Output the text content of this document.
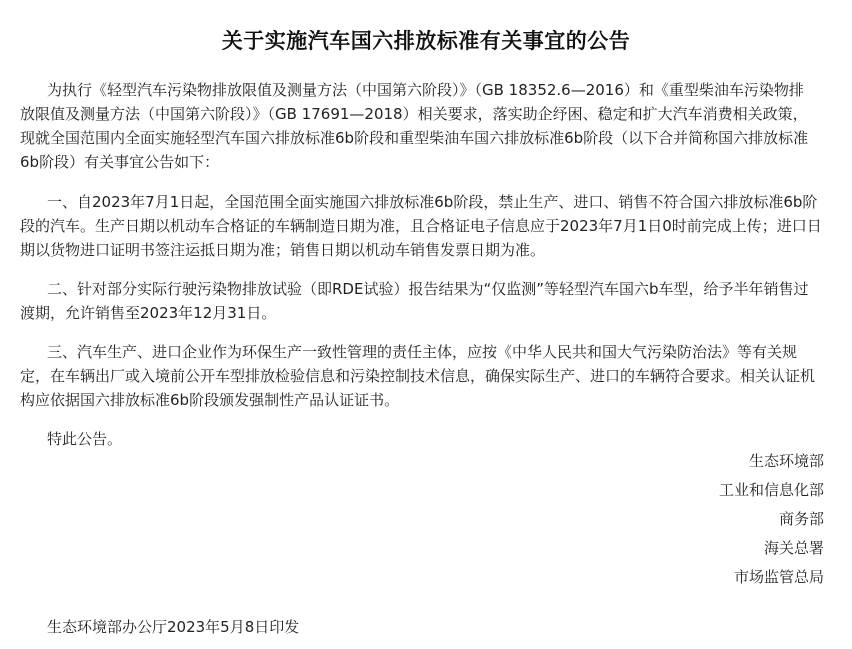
关于实施汽车国六排放标准有关事宜的公告
为执行《轻型汽车污染物排放限值及测量方法（中国第六阶段）》（GB 18352.6—2016）和《重型柴油车污染物排
放限值及测量方法（中国第六阶段）》（GB 17691—2018）相关要求，落实助企纾困、稳定和扩大汽车消费相关政策，
现就全国范围内全面实施轻型汽车国六排放标准6b阶段和重型柴油车国六排放标准6b阶段（以下合并简称国六排放标准
6b阶段）有关事宜公告如下：
一、自2023年7月1日起，全国范围全面实施国六排放标准6b阶段，禁止生产、进口、销售不符合国六排放标准6b阶
段的汽车。生产日期以机动车合格证的车辆制造日期为准，且合格证电子信息应于2023年7月1日0时前完成上传；进口日
期以货物进口证明书签注运抵日期为准；销售日期以机动车销售发票日期为准。
二、针对部分实际行驶污染物排放试验（即RDE试验）报告结果为“仅监测”等轻型汽车国六b车型，给予半年销售过
渡期，允许销售至2023年12月31日。
三、汽车生产、进口企业作为环保生产一致性管理的责任主体，应按《中华人民共和国大气污染防治法》等有关规
定，在车辆出厂或入境前公开车型排放检验信息和污染控制技术信息，确保实际生产、进口的车辆符合要求。相关认证机
构应依据国六排放标准6b阶段颁发强制性产品认证证书。
特此公告。
生态环境部
工业和信息化部
商务部
海关总署
市场监管总局
生态环境部办公厅2023年5月8日印发
